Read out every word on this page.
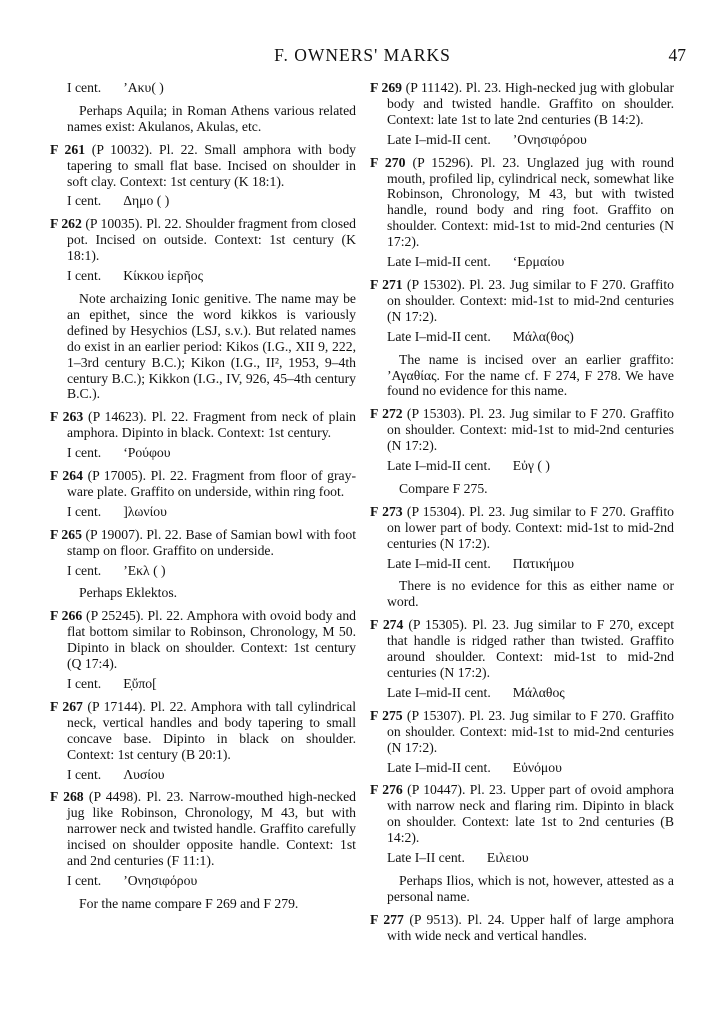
F. OWNERS' MARKS	47
I cent. ’Ακυ( )
Perhaps Aquila; in Roman Athens various related names exist: Akulanos, Akulas, etc.
F 261 (P 10032). Pl. 22. Small amphora with body tapering to small flat base. Incised on shoulder in soft clay. Context: 1st century (K 18:1).
I cent. Δημο ( )
F 262 (P 10035). Pl. 22. Shoulder fragment from closed pot. Incised on outside. Context: 1st century (K 18:1).
I cent. Κίκκου ἱερῆος
Note archaizing Ionic genitive. The name may be an epithet, since the word kikkos is variously defined by Hesychios (LSJ, s.v.). But related names do exist in an earlier period: Kikos (I.G., XII 9, 222, 1–3rd century B.C.); Kikon (I.G., II², 1953, 9–4th century B.C.); Kikkon (I.G., IV, 926, 45–4th century B.C.).
F 263 (P 14623). Pl. 22. Fragment from neck of plain amphora. Dipinto in black. Context: 1st century.
I cent. ‘Ρούφου
F 264 (P 17005). Pl. 22. Fragment from floor of gray-ware plate. Graffito on underside, within ring foot.
I cent. ]λωνίου
F 265 (P 19007). Pl. 22. Base of Samian bowl with foot stamp on floor. Graffito on underside.
I cent. ’Εκλ ( )
Perhaps Eklektos.
F 266 (P 25245). Pl. 22. Amphora with ovoid body and flat bottom similar to Robinson, Chronology, M 50. Dipinto in black on shoulder. Context: 1st century (Q 17:4).
I cent. Ε̣ὔπο[
F 267 (P 17144). Pl. 22. Amphora with tall cylindrical neck, vertical handles and body tapering to small concave base. Dipinto in black on shoulder. Context: 1st century (B 20:1).
I cent. Λυσίου
F 268 (P 4498). Pl. 23. Narrow-mouthed high-necked jug like Robinson, Chronology, M 43, but with narrower neck and twisted handle. Graffito carefully incised on shoulder opposite handle. Context: 1st and 2nd centuries (F 11:1).
I cent. ’Ονησιφόρου
For the name compare F 269 and F 279.
F 269 (P 11142). Pl. 23. High-necked jug with globular body and twisted handle. Graffito on shoulder. Context: late 1st to late 2nd centuries (B 14:2).
Late I–mid-II cent. ’Ονησιφόρου
F 270 (P 15296). Pl. 23. Unglazed jug with round mouth, profiled lip, cylindrical neck, somewhat like Robinson, Chronology, M 43, but with twisted handle, round body and ring foot. Graffito on shoulder. Context: mid-1st to mid-2nd centuries (N 17:2).
Late I–mid-II cent. ‘Ερμαίου
F 271 (P 15302). Pl. 23. Jug similar to F 270. Graffito on shoulder. Context: mid-1st to mid-2nd centuries (N 17:2).
Late I–mid-II cent. Μάλα(θος)
The name is incised over an earlier graffito: ’Αγαθίας. For the name cf. F 274, F 278. We have found no evidence for this name.
F 272 (P 15303). Pl. 23. Jug similar to F 270. Graffito on shoulder. Context: mid-1st to mid-2nd centuries (N 17:2).
Late I–mid-II cent. Εὐγ ( )
Compare F 275.
F 273 (P 15304). Pl. 23. Jug similar to F 270. Graffito on lower part of body. Context: mid-1st to mid-2nd centuries (N 17:2).
Late I–mid-II cent. Πατικήμου
There is no evidence for this as either name or word.
F 274 (P 15305). Pl. 23. Jug similar to F 270, except that handle is ridged rather than twisted. Graffito around shoulder. Context: mid-1st to mid-2nd centuries (N 17:2).
Late I–mid-II cent. Μάλαθος
F 275 (P 15307). Pl. 23. Jug similar to F 270. Graffito on shoulder. Context: mid-1st to mid-2nd centuries (N 17:2).
Late I–mid-II cent. Εὐνόμου
F 276 (P 10447). Pl. 23. Upper part of ovoid amphora with narrow neck and flaring rim. Dipinto in black on shoulder. Context: late 1st to 2nd centuries (B 14:2).
Late I–II cent. Ειλειου
Perhaps Ilios, which is not, however, attested as a personal name.
F 277 (P 9513). Pl. 24. Upper half of large amphora with wide neck and vertical handles.
